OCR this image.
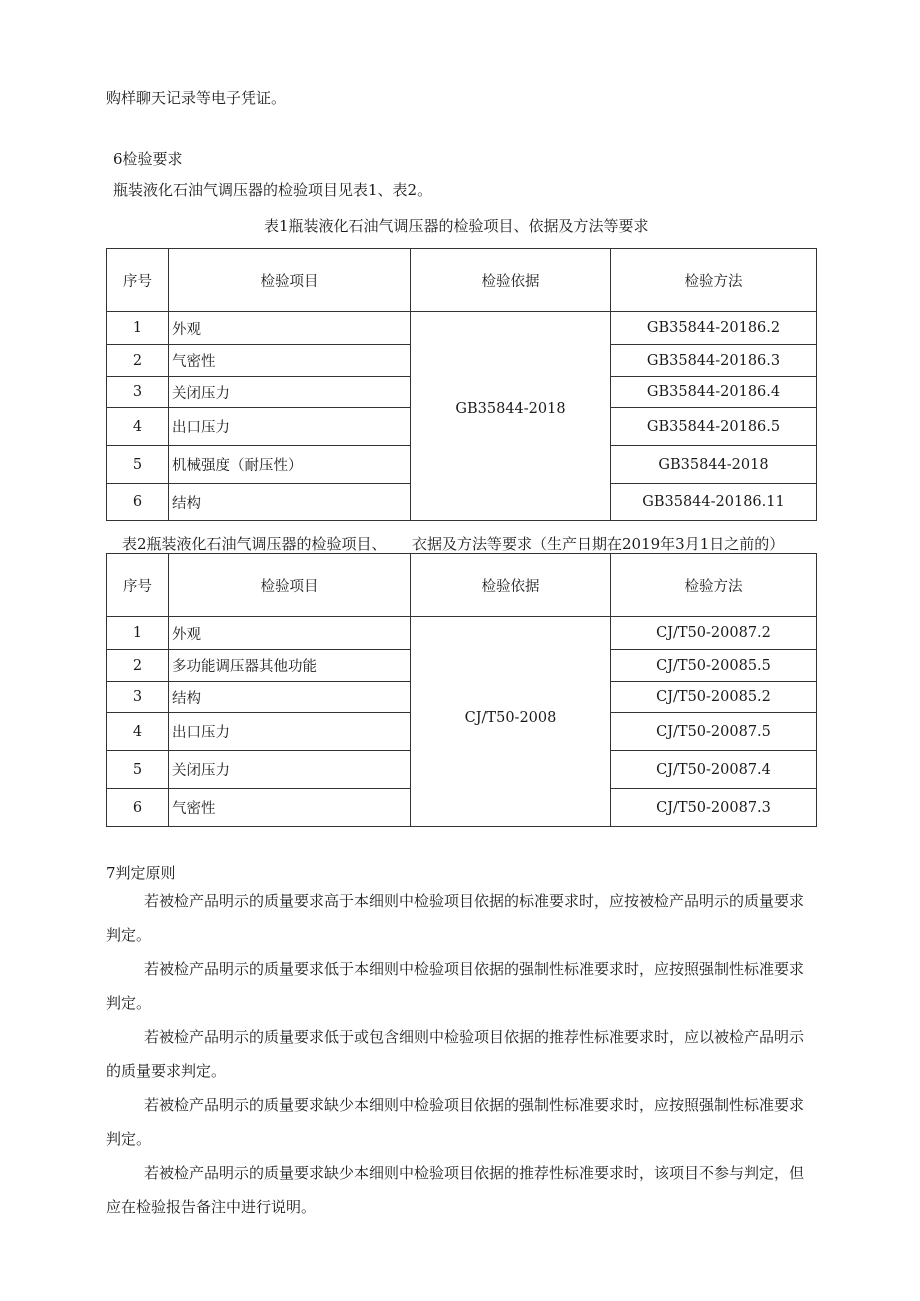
购样聊天记录等电子凭证。
6检验要求
瓶装液化石油气调压器的检验项目见表1、表2。
表1瓶装液化石油气调压器的检验项目、依据及方法等要求
序号	检验项目	检验依据	检验方法
1	外观	GB35844-2018	GB35844-20186.2
2	气密性		GB35844-20186.3
3	关闭压力		GB35844-20186.4
4	出口压力		GB35844-20186.5
5	机械强度（耐压性）		GB35844-2018
6	结构		GB35844-20186.11
表2瓶装液化石油气调压器的检验项目、 衣据及方法等要求（生产日期在2019年3月1日之前的）
序号	检验项目	检验依据	检验方法
1	外观	CJ/T50-2008	CJ/T50-20087.2
2	多功能调压器其他功能		CJ/T50-20085.5
3	结构		CJ/T50-20085.2
4	出口压力		CJ/T50-20087.5
5	关闭压力		CJ/T50-20087.4
6	气密性		CJ/T50-20087.3
7判定原则
若被检产品明示的质量要求高于本细则中检验项目依据的标准要求时，应按被检产品明示的质量要求判定。
若被检产品明示的质量要求低于本细则中检验项目依据的强制性标准要求时，应按照强制性标准要求判定。
若被检产品明示的质量要求低于或包含细则中检验项目依据的推荐性标准要求时，应以被检产品明示的质量要求判定。
若被检产品明示的质量要求缺少本细则中检验项目依据的强制性标准要求时，应按照强制性标准要求判定。
若被检产品明示的质量要求缺少本细则中检验项目依据的推荐性标准要求时，该项目不参与判定，但应在检验报告备注中进行说明。
